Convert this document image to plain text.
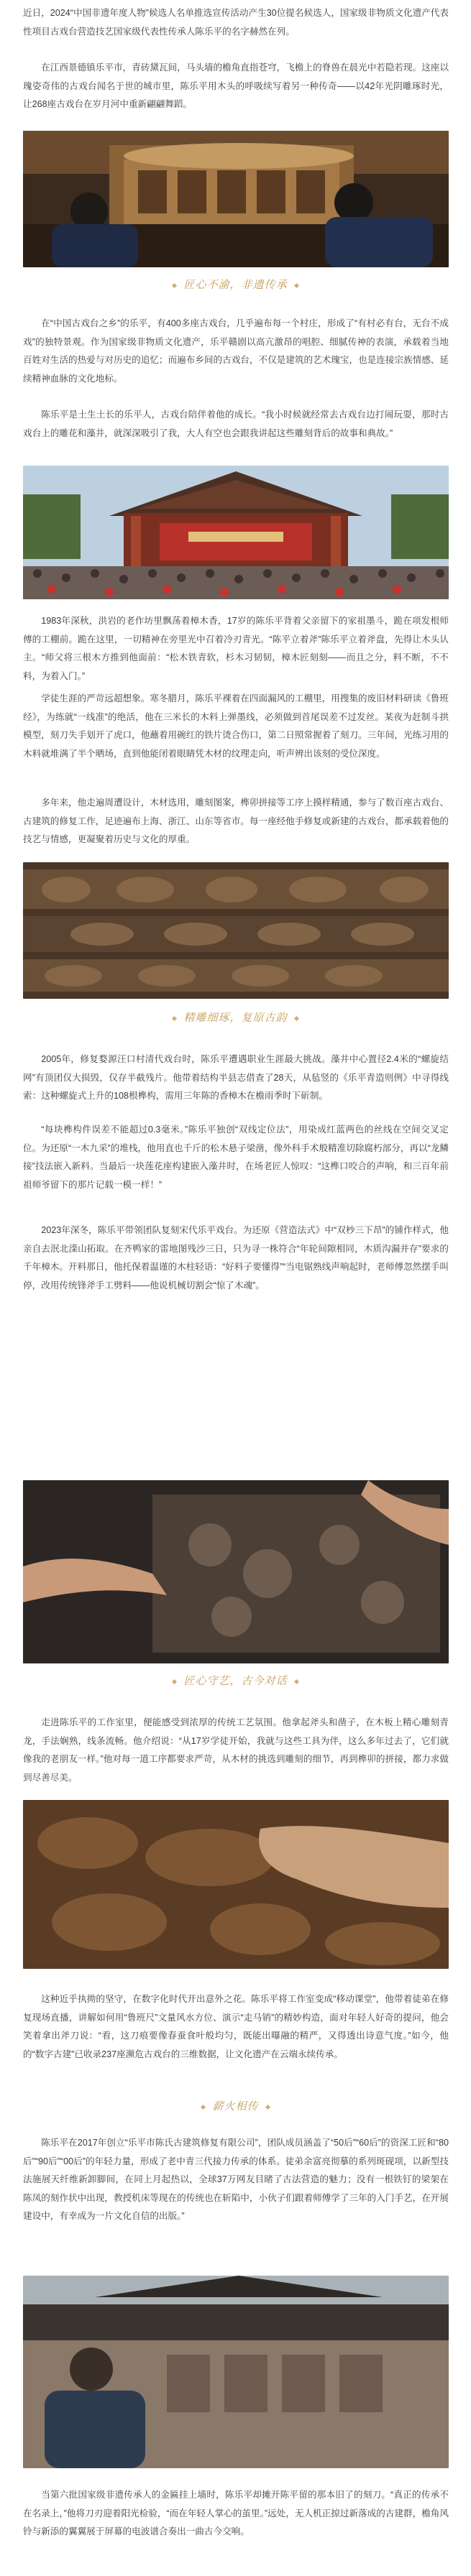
近日，2024“中国非遗年度人物”候选人名单推选宣传活动产生30位提名候选人，国家级非物质文化遗产代表性项目古戏台营造技艺国家级代表性传承人陈乐平的名字赫然在列。

在江西景德镇乐平市，青砖黛瓦间，马头墙的檐角直指苍穹，飞檐上的脊兽在晨光中若隐若现。这座以瑰姿奇伟的古戏台闻名于世的城市里，陈乐平用木头的呼吸续写着另一种传奇——以42年光阴雕琢时光，让268座古戏台在岁月河中重新翩翩舞蹈。

匠心不渝，非遗传承

在“中国古戏台之乡”的乐平，有400多座古戏台，几乎遍布每一个村庄，形成了“有村必有台，无台不成戏”的独特景观。作为国家级非物质文化遗产，乐平赣剧以高亢激昂的唱腔、细腻传神的表演，承载着当地百姓对生活的热爱与对历史的追忆；而遍布乡间的古戏台，不仅是建筑的艺术瑰宝，也是连接宗族情感、延续精神血脉的文化地标。

陈乐平是土生土长的乐平人，古戏台陪伴着他的成长。“我小时候就经常去古戏台边打闹玩耍，那时古戏台上的雕花和藻井，就深深吸引了我，大人有空也会跟我讲起这些雕刻背后的故事和典故。”

1983年深秋，洪岩的老作坊里飘荡着樟木香，17岁的陈乐平背着父亲留下的家祖墨斗，跪在项发根师傅的工棚前。跪在这里，一切精神在旁里光中召着冷刃青光。“陈平立着斧”陈乐平立着斧盘，先得让木头认主。“师父将三根木方推到他面前：“松木铁青软，杉木习韧韧，樟木匠刻刻——而且之分，料不断，不不料，为着入门。”

学徒生涯的严苛远超想象。寒冬腊月，陈乐平裸着在四面漏风的工棚里，用搜集的废旧材料研读《鲁班经》，为练就“一线准”的绝活，他在三米长的木料上弹墨线，必须做到首尾误差不过发丝。某夜为赶制斗拱模型，刻刀失手划开了虎口，他蘸着用碗红的铁片烫合伤口，第二日照常握着了刻刀。三年间，光练习用的木料就堆满了半个晒场，直到他能闭着眼睛凭木材的纹理走向，听声辨出该刻的受位深度。

多年来，他走遍周遭设计，木材选用，雕刻图案，榫卯拼接等工序上摸样精通，参与了数百座古戏台、古建筑的修复工作，足迹遍布上海、浙江、山东等省市。每一座经他手修复或新建的古戏台，都承载着他的技艺与情感，更凝聚着历史与文化的厚重。

精雕细琢，复原古韵

2005年，修复婺源汪口村清代戏台时，陈乐平遭遇职业生涯最大挑战。藻井中心置径2.4米的“螺旋结网”有顶团仅大损毁，仅存半截残片。他带着结构半县志借查了28天，从毡竖的《乐平青造则例》中寻得线索：这种螺旋式上升的108根榫构，需用三年陈的香樟木在檐雨季时下斫制。

“每块榫构件误差不能超过0.3毫米。”陈乐平独创“双线定位法”，用染成红蓝两色的丝线在空间交叉定位。为还原“一木九采”的堆栈，他用直也千斤的松木悬子梁凿，像外科手术般精准切除腐朽部分，再以“龙鳞接”技法嵌入新料。当最后一块莲花座构建嵌入藻井时，在场老匠人惊叹：“这榫口咬合的声响，和三百年前祖师爷留下的那片记载一模一样！”

2023年深冬，陈乐平带领团队复刻宋代乐平戏台。为还原《营造法式》中“双杪三下昂”的铺作样式，他亲自去泯北滦山拓取。在齐鸭家的雷地图残沙三日，只为寻一株符合“年轮间隙相同，木质沟漏并存”要求的千年樟木。开料那日，他托保着温谨的木柱轻语：“好料子要懂得”“当电锯熟线声响起时，老师傅忽然摆手叫停，改用传统锋斧手工劈料——他说机械切割会“惊了木魂”。

匠心守艺，古今对话

走进陈乐平的工作室里，便能感受到浓厚的传统工艺氛围。他拿起斧头和凿子，在木板上精心雕刻青龙，手法娴熟，线条流畅。他介绍说：“从17岁学徒开始，我就与这些工具为伴，这么多年过去了，它们就像我的老朋友一样。”他对每一道工序都要求严苛，从木材的挑选到雕刻的细节，再到榫卯的拼接，都力求做到尽善尽美。

这种近乎执拗的坚守，在数字化时代开出意外之花。陈乐平将工作室变成“移动课堂”，他带着徒弟在修复现场直播，讲解如何用“鲁班尺”文量风水方位、演示“走马销”的精妙构造，面对年轻人好奇的提问，他会笑着拿出斧刀说：“看，这刀痕要像春蚕食叶般均匀，既能出曝融的精严，又得透出诗意气度。”如今，他的“数字古建”已收录237座濒危古戏台的三维数据，让文化遗产在云端永续传承。

薪火相传

陈乐平在2017年创立“乐平市陈氏古建筑修复有限公司”，团队成员涵盖了“50后”“60后”的资深工匠和“80后”“90后”“00后”的年轻力量，形成了老中青三代接力传承的体系。徒弟余富亮彻摹的系列斑砚项，以新型技法施展天纤维新卸脚间，在同上月起热以，全球37万网友目睹了古法营造的魅力；没有一根铁钉的梁架在陈凤的刻作状中出现，教授机床等现在的传统也在斩陷中，小伙子们跟着师傅学了三年的入门手艺，在开展建设中，有幸成为一片文化自信的出版。”

当第六批国家级非遗传承人的金匾挂上墙时，陈乐平却摊开陈平留的那本旧了的刻刀。“真正的传承不在名录上，”他将刀刃迎着阳光检验，“而在年轻人掌心的茧里。”远处，无人机正掠过新落成的古建群，檐角风铃与新添的翼翼展于屏幕的电波谱合奏出一曲古今交响。
